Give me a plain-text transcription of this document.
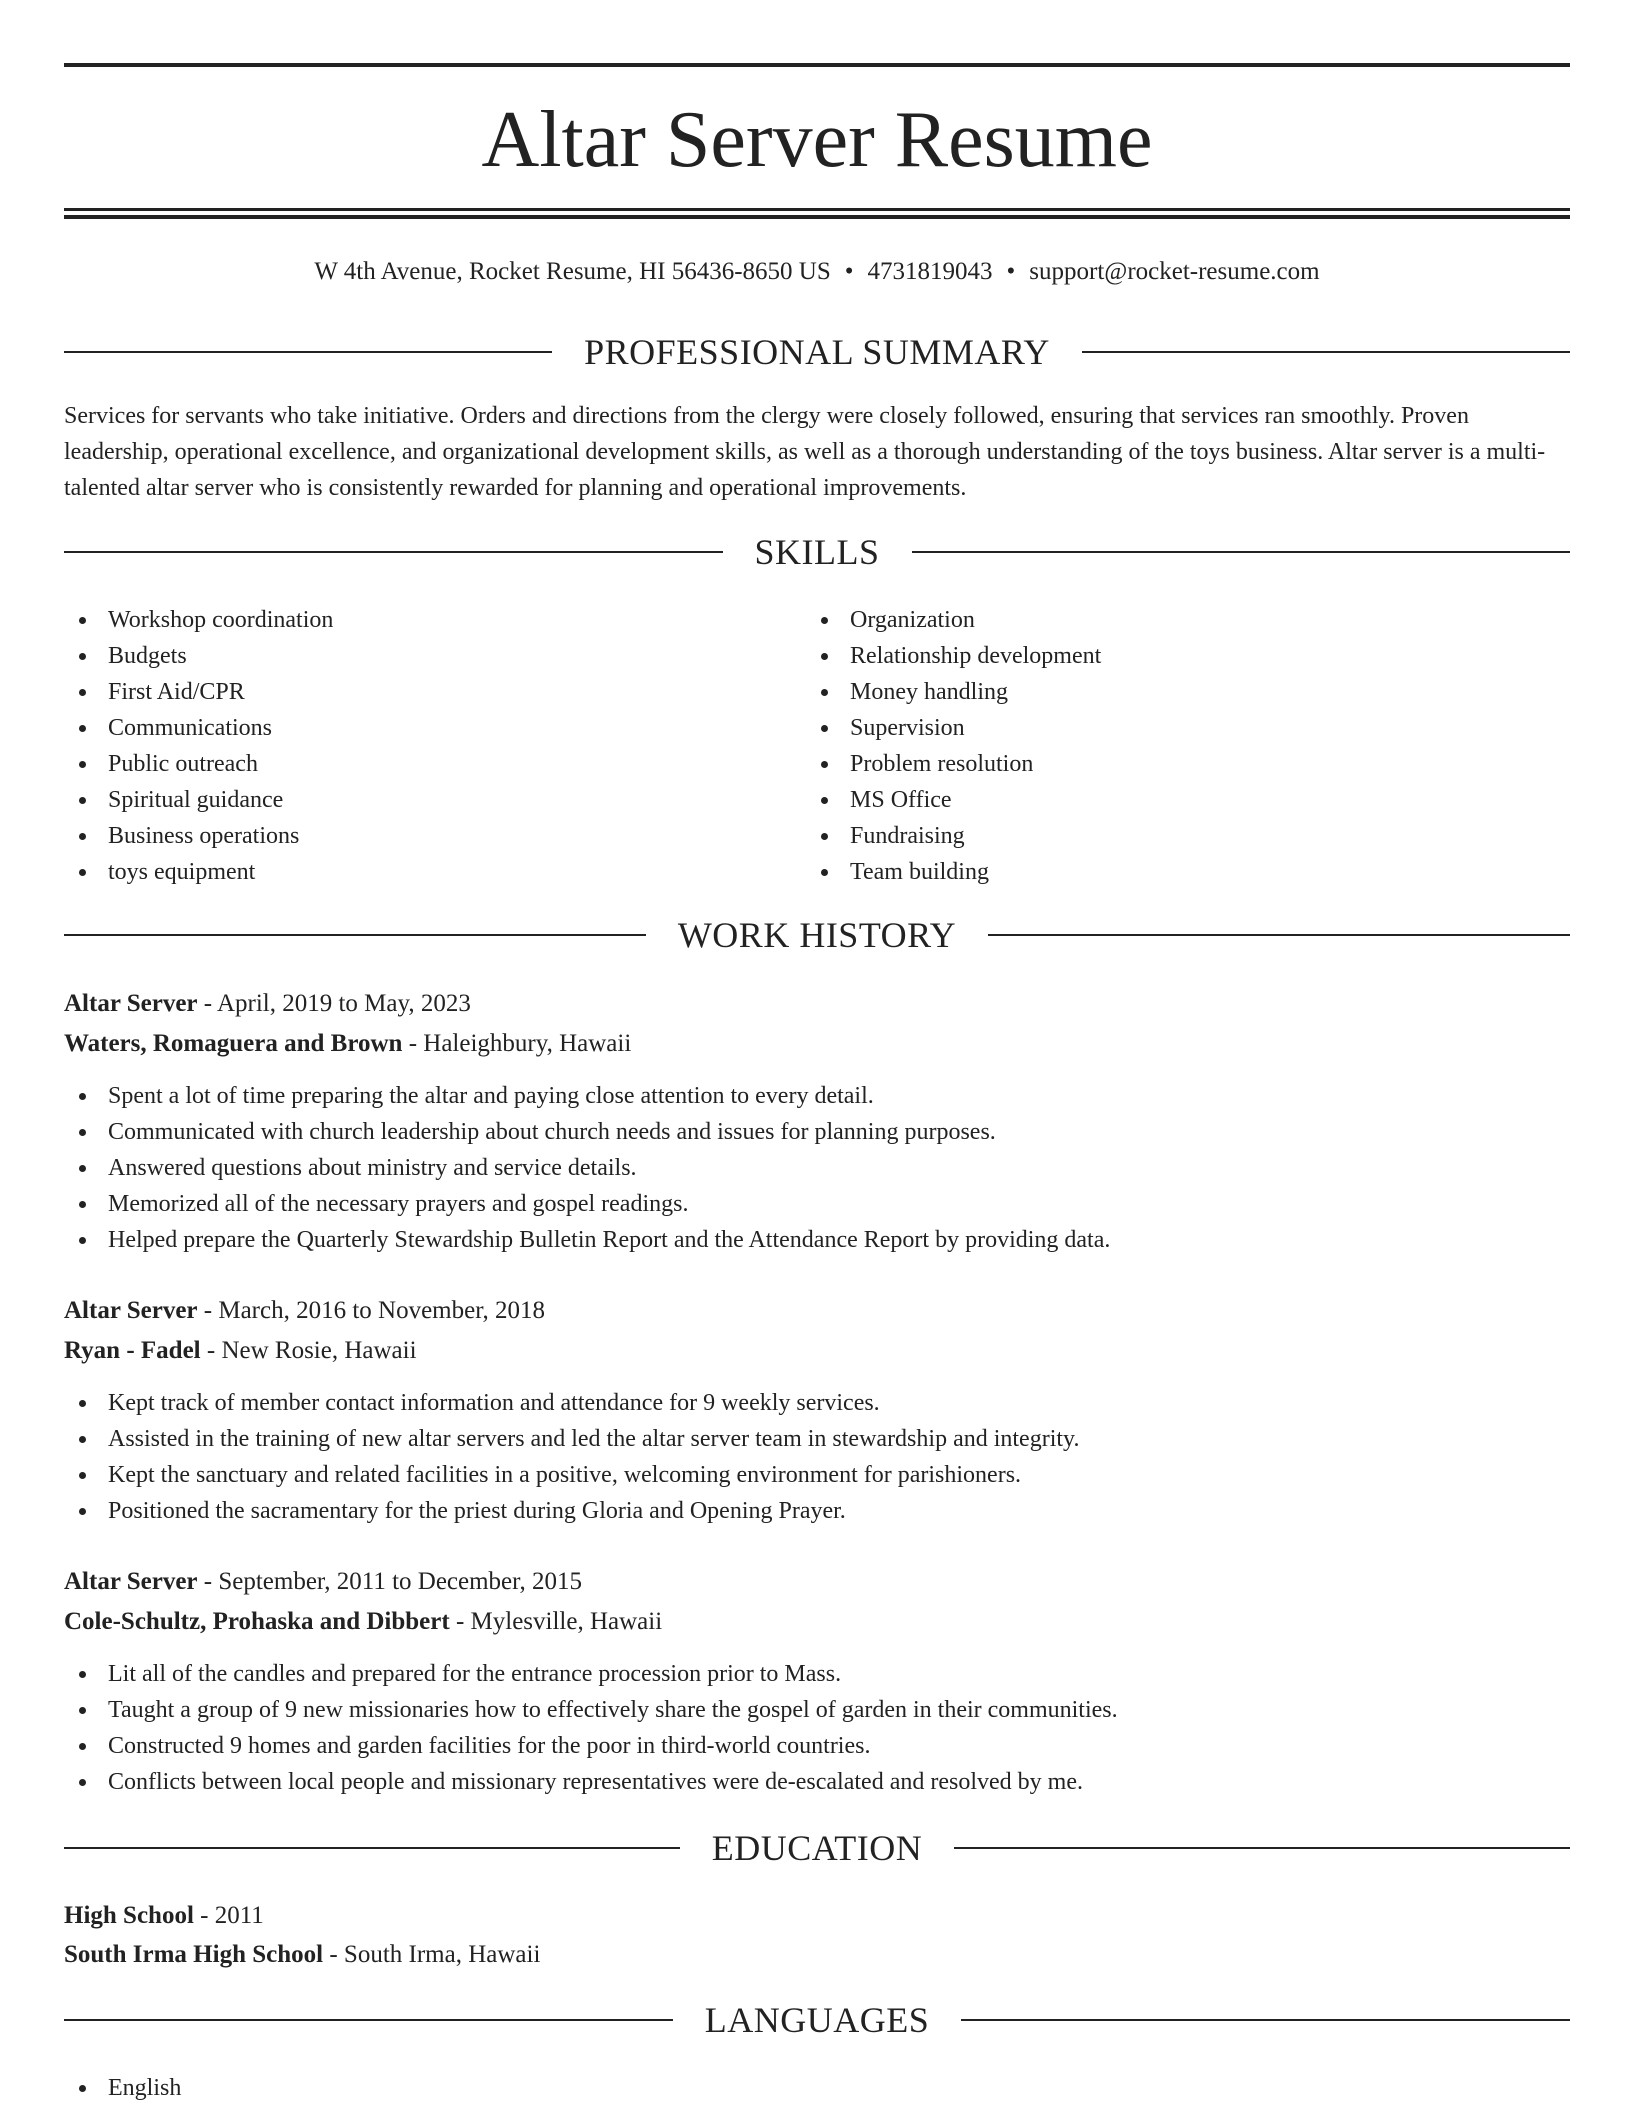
Altar Server Resume
W 4th Avenue, Rocket Resume, HI 56436-8650 US • 4731819043 • support@rocket-resume.com
PROFESSIONAL SUMMARY

Services for servants who take initiative. Orders and directions from the clergy were closely followed, ensuring that services ran smoothly. Proven leadership, operational excellence, and organizational development skills, as well as a thorough understanding of the toys business. Altar server is a multi-talented altar server who is consistently rewarded for planning and operational improvements.

SKILLS
Workshop coordination
Budgets
First Aid/CPR
Communications
Public outreach
Spiritual guidance
Business operations
toys equipment
Organization
Relationship development
Money handling
Supervision
Problem resolution
MS Office
Fundraising
Team building
WORK HISTORY
Altar Server - April, 2019 to May, 2023
Waters, Romaguera and Brown - Haleighbury, Hawaii
Spent a lot of time preparing the altar and paying close attention to every detail.
Communicated with church leadership about church needs and issues for planning purposes.
Answered questions about ministry and service details.
Memorized all of the necessary prayers and gospel readings.
Helped prepare the Quarterly Stewardship Bulletin Report and the Attendance Report by providing data.
Altar Server - March, 2016 to November, 2018
Ryan - Fadel - New Rosie, Hawaii
Kept track of member contact information and attendance for 9 weekly services.
Assisted in the training of new altar servers and led the altar server team in stewardship and integrity.
Kept the sanctuary and related facilities in a positive, welcoming environment for parishioners.
Positioned the sacramentary for the priest during Gloria and Opening Prayer.
Altar Server - September, 2011 to December, 2015
Cole-Schultz, Prohaska and Dibbert - Mylesville, Hawaii
Lit all of the candles and prepared for the entrance procession prior to Mass.
Taught a group of 9 new missionaries how to effectively share the gospel of garden in their communities.
Constructed 9 homes and garden facilities for the poor in third-world countries.
Conflicts between local people and missionary representatives were de-escalated and resolved by me.
EDUCATION
High School - 2011
South Irma High School - South Irma, Hawaii
LANGUAGES
English
